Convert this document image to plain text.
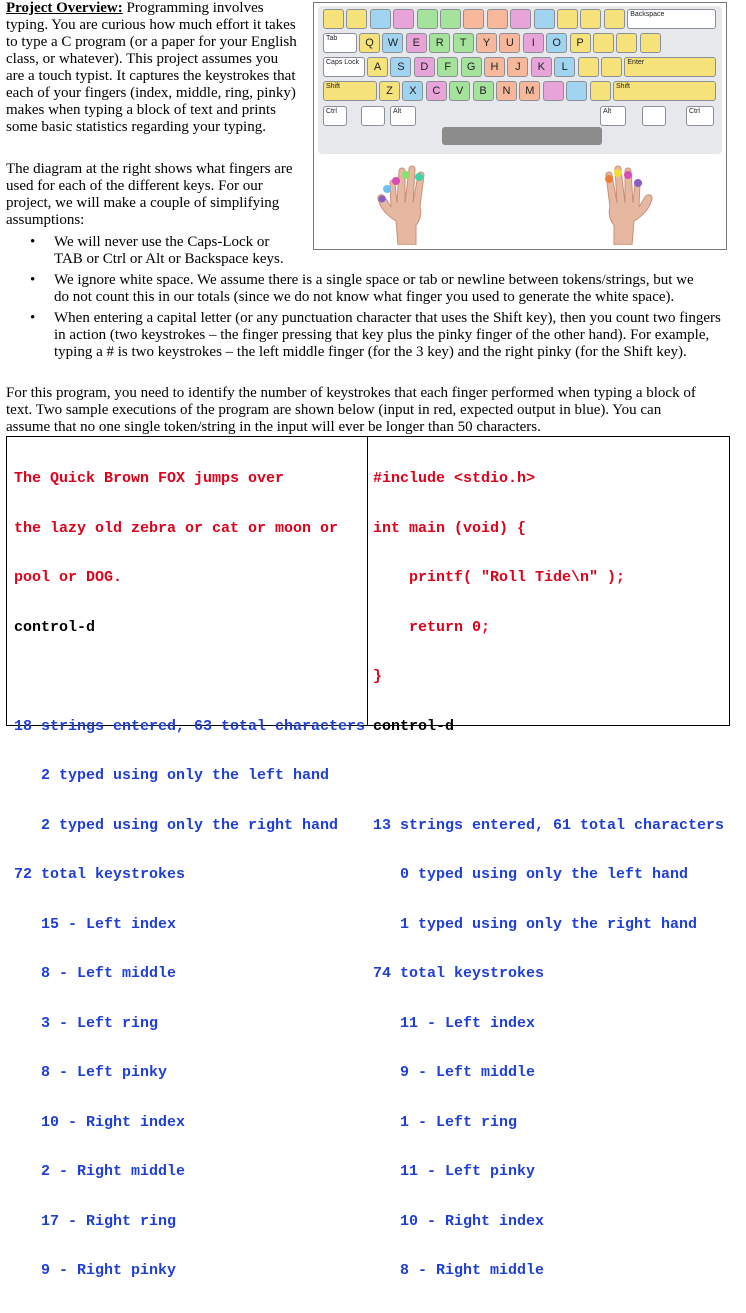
Project Overview: Programming involves
typing. You are curious how much effort it takes
to type a C program (or a paper for your English
class, or whatever). This project assumes you
are a touch typist. It captures the keystrokes that
each of your fingers (index, middle, ring, pinky)
makes when typing a block of text and prints
some basic statistics regarding your typing.
The diagram at the right shows what fingers are
used for each of the different keys. For our
project, we will make a couple of simplifying
assumptions:
• We will never use the Caps-Lock or
TAB or Ctrl or Alt or Backspace keys.
• We ignore white space. We assume there is a single space or tab or newline between tokens/strings, but we
do not count this in our totals (since we do not know what finger you used to generate the white space).
• When entering a capital letter (or any punctuation character that uses the Shift key), then you count two fingers
in action (two keystrokes – the finger pressing that key plus the pinky finger of the other hand). For example,
typing a # is two keystrokes – the left middle finger (for the 3 key) and the right pinky (for the Shift key).
For this program, you need to identify the number of keystrokes that each finger performed when typing a block of
text. Two sample executions of the program are shown below (input in red, expected output in blue). You can
assume that no one single token/string in the input will ever be longer than 50 characters.
Backspace
Tab	Q	W	E	R	T	Y	U	I	O	P
Caps Lock	A	S	D	F	G	H	J	K	L	Enter
Shift	Z	X	C	V	B	N	M	Shift
Ctrl	Alt	Alt	Ctrl

The Quick Brown FOX jumps over

the lazy old zebra or cat or moon or

pool or DOG.

control-d

18 strings entered, 63 total characters

2 typed using only the left hand

2 typed using only the right hand

72 total keystrokes

15 - Left index

8 - Left middle

3 - Left ring

8 - Left pinky

10 - Right index

2 - Right middle

17 - Right ring

9 - Right pinky

#include <stdio.h>

int main (void) {

printf( "Roll Tide\n" );

return 0;

}

control-d

13 strings entered, 61 total characters

0 typed using only the left hand

1 typed using only the right hand

74 total keystrokes

11 - Left index

9 - Left middle

1 - Left ring

11 - Left pinky

10 - Right index

8 - Right middle
